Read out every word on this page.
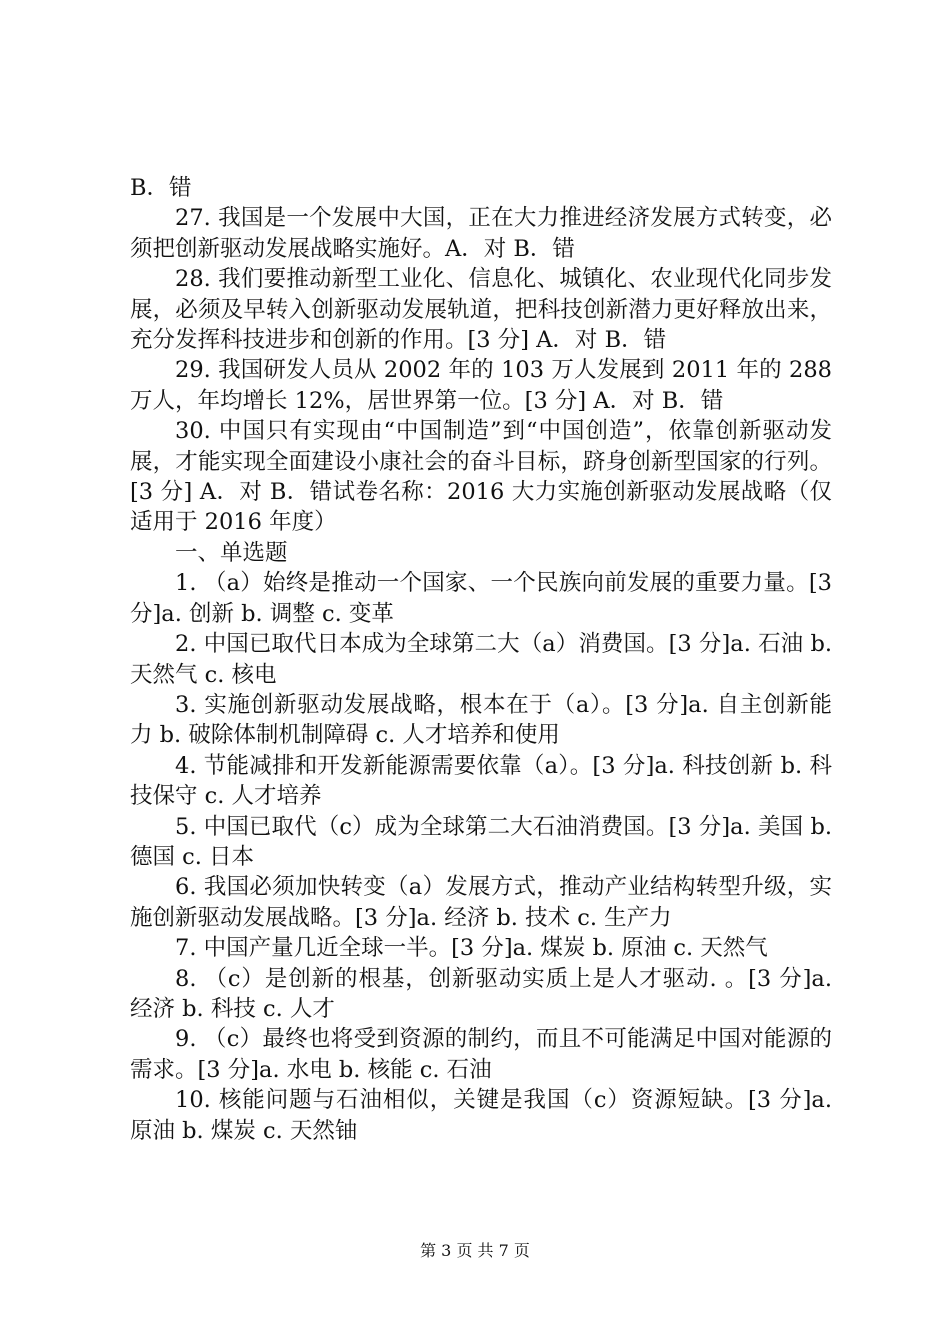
B．错

27. 我国是一个发展中大国，正在大力推进经济发展方式转变，必须把创新驱动发展战略实施好。A．对 B．错

28. 我们要推动新型工业化、信息化、城镇化、农业现代化同步发展，必须及早转入创新驱动发展轨道，把科技创新潜力更好释放出来，充分发挥科技进步和创新的作用。[3 分] A．对 B．错

29. 我国研发人员从 2002 年的 103 万人发展到 2011 年的 288 万人，年均增长 12%，居世界第一位。[3 分] A．对 B．错

30. 中国只有实现由“中国制造”到“中国创造”，依靠创新驱动发展，才能实现全面建设小康社会的奋斗目标，跻身创新型国家的行列。[3 分] A．对 B．错试卷名称：2016 大力实施创新驱动发展战略（仅适用于 2016 年度）

一、单选题

1. （a）始终是推动一个国家、一个民族向前发展的重要力量。[3 分]a. 创新 b. 调整 c. 变革

2. 中国已取代日本成为全球第二大（a）消费国。[3 分]a. 石油 b. 天然气 c. 核电

3. 实施创新驱动发展战略，根本在于（a）。[3 分]a. 自主创新能力 b. 破除体制机制障碍 c. 人才培养和使用

4. 节能减排和开发新能源需要依靠（a）。[3 分]a. 科技创新 b. 科技保守 c. 人才培养

5. 中国已取代（c）成为全球第二大石油消费国。[3 分]a. 美国 b. 德国 c. 日本

6. 我国必须加快转变（a）发展方式，推动产业结构转型升级，实施创新驱动发展战略。[3 分]a. 经济 b. 技术 c. 生产力

7. 中国产量几近全球一半。[3 分]a. 煤炭 b. 原油 c. 天然气

8. （c）是创新的根基，创新驱动实质上是人才驱动. 。[3 分]a. 经济 b. 科技 c. 人才

9. （c）最终也将受到资源的制约，而且不可能满足中国对能源的需求。[3 分]a. 水电 b. 核能 c. 石油

10. 核能问题与石油相似，关键是我国（c）资源短缺。[3 分]a. 原油 b. 煤炭 c. 天然铀

第 3 页 共 7 页
